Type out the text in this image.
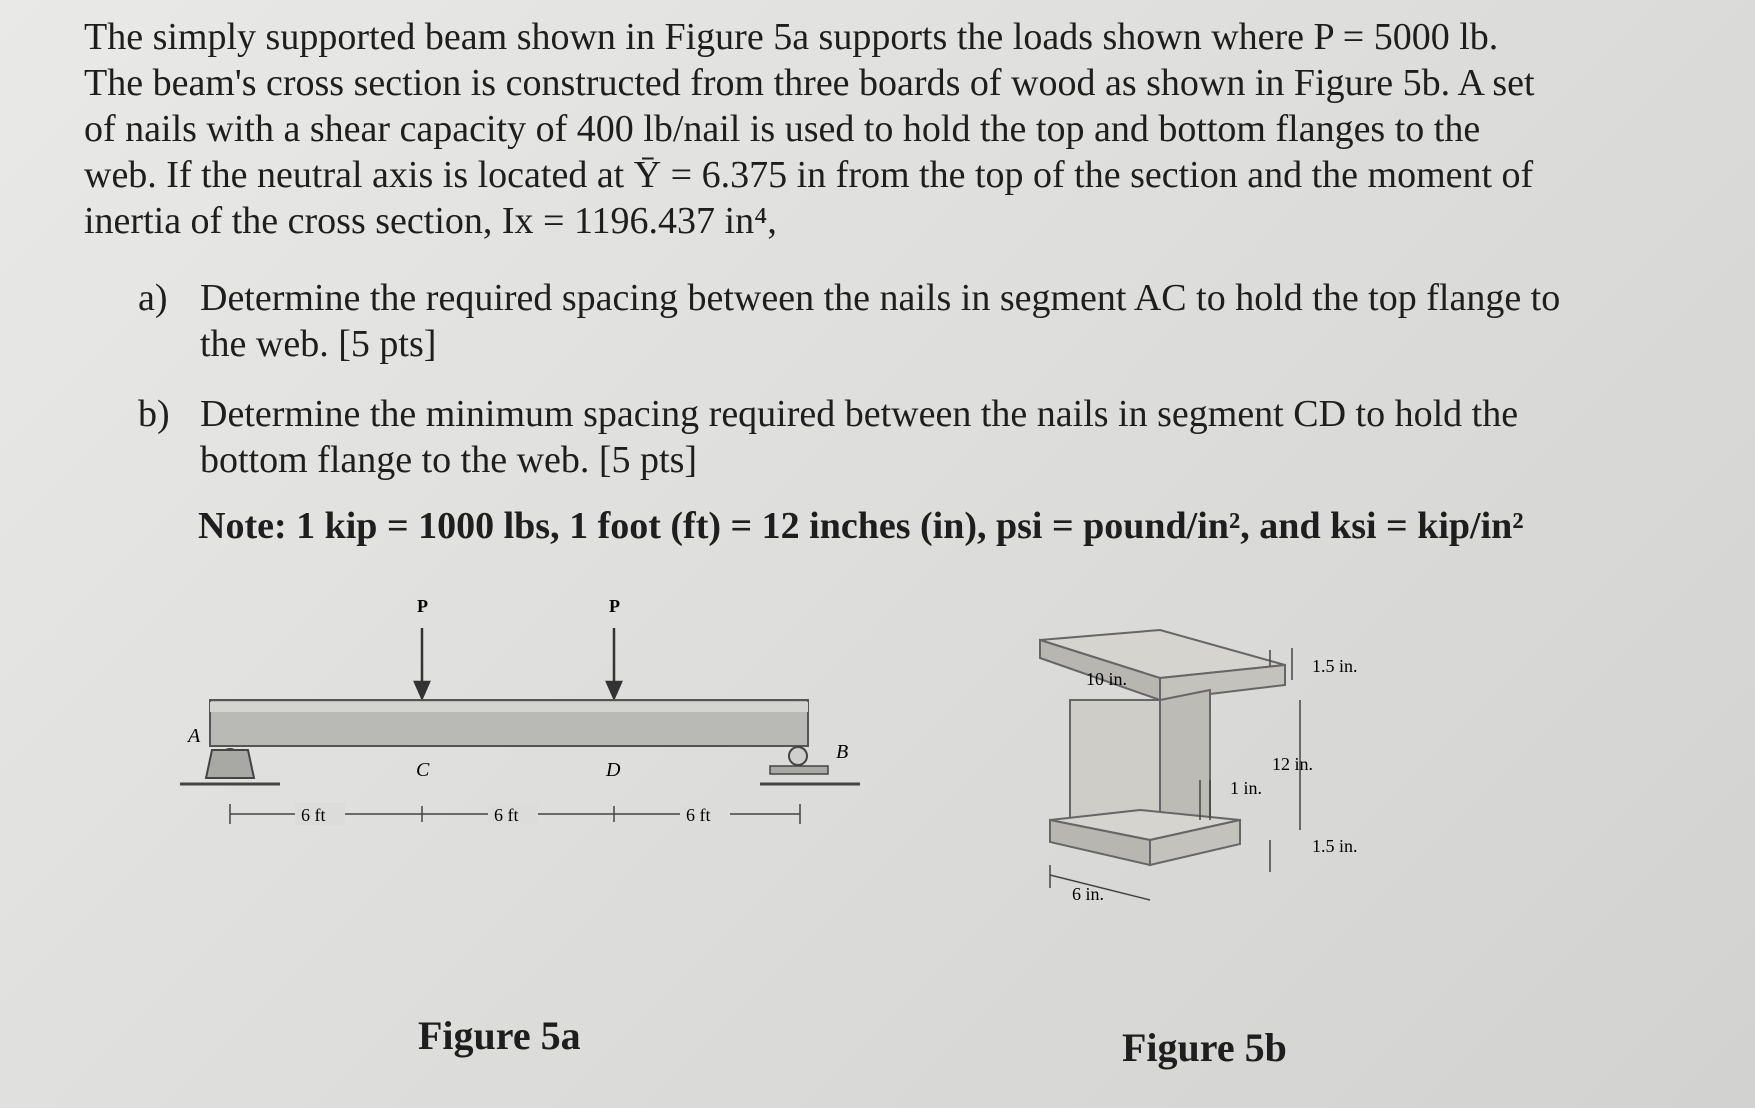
The simply supported beam shown in Figure 5a supports the loads shown where P = 5000 lb.
The beam's cross section is constructed from three boards of wood as shown in Figure 5b. A set
of nails with a shear capacity of 400 lb/nail is used to hold the top and bottom flanges to the
web. If the neutral axis is located at Ȳ = 6.375 in from the top of the section and the moment of
inertia of the cross section, Ix = 1196.437 in⁴,
a) Determine the required spacing between the nails in segment AC to hold the top flange to
the web. [5 pts]
b) Determine the minimum spacing required between the nails in segment CD to hold the
bottom flange to the web. [5 pts]
Note: 1 kip = 1000 lbs, 1 foot (ft) = 12 inches (in), psi = pound/in², and ksi = kip/in²
P	P
A
C	D
B
6 ft	6 ft	6 ft
Figure 5a
10 in.
1.5 in.
12 in.
1 in.
1.5 in.
6 in.
Figure 5b
